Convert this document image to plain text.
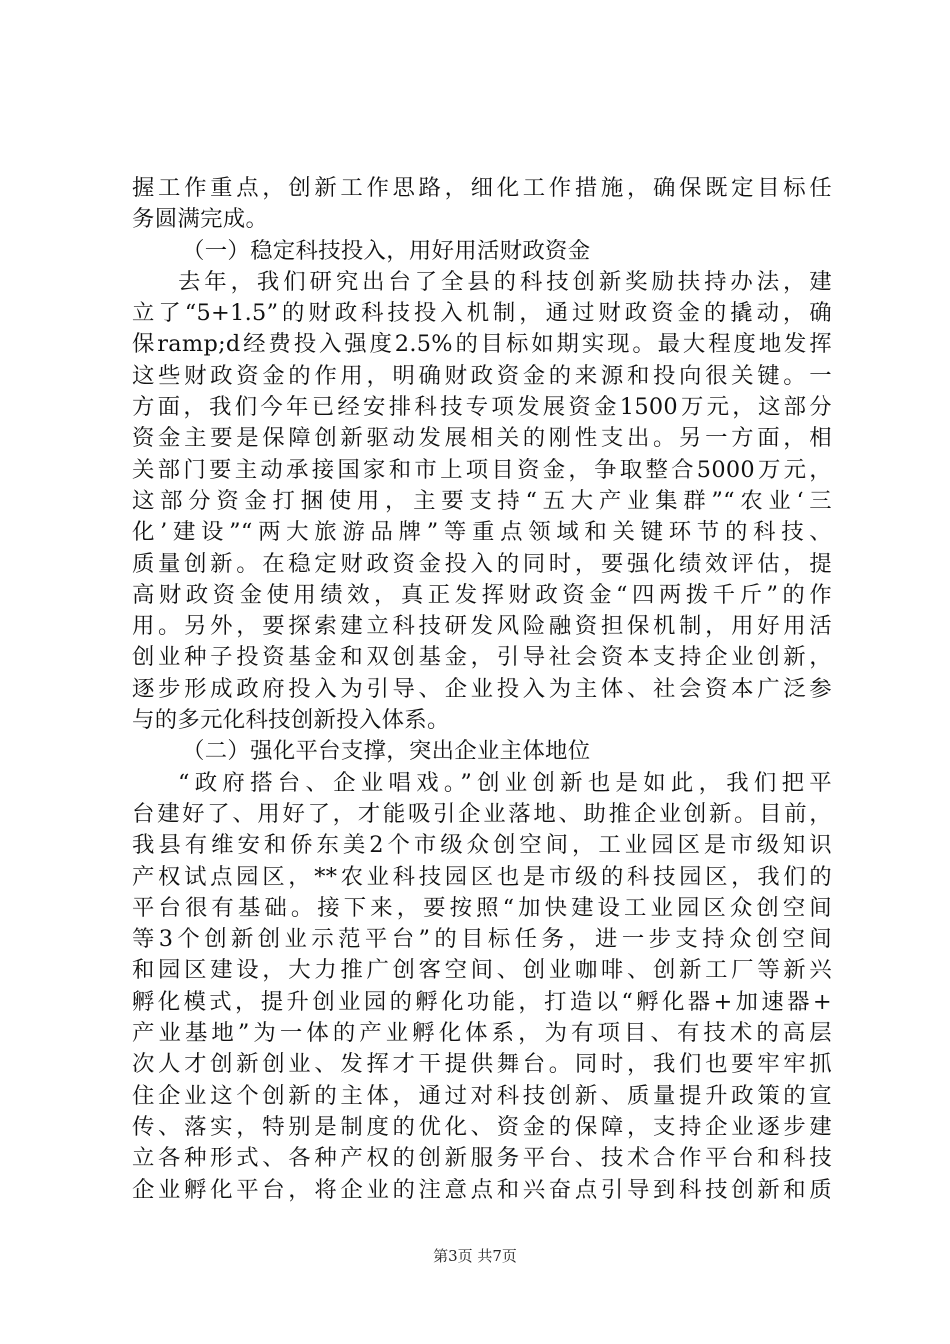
握工作重点，创新工作思路，细化工作措施，确保既定目标任
务圆满完成。
（一）稳定科技投入，用好用活财政资金
去年，我们研究出台了全县的科技创新奖励扶持办法，建
立了“5+1.5”的财政科技投入机制，通过财政资金的撬动，确
保ramp;d经费投入强度2.5%的目标如期实现。最大程度地发挥
这些财政资金的作用，明确财政资金的来源和投向很关键。一
方面，我们今年已经安排科技专项发展资金1500万元，这部分
资金主要是保障创新驱动发展相关的刚性支出。另一方面，相
关部门要主动承接国家和市上项目资金，争取整合5000万元，
这部分资金打捆使用，主要支持“五大产业集群”“农业‘三
化’建设”“两大旅游品牌”等重点领域和关键环节的科技、
质量创新。在稳定财政资金投入的同时，要强化绩效评估，提
高财政资金使用绩效，真正发挥财政资金“四两拨千斤”的作
用。另外，要探索建立科技研发风险融资担保机制，用好用活
创业种子投资基金和双创基金，引导社会资本支持企业创新，
逐步形成政府投入为引导、企业投入为主体、社会资本广泛参
与的多元化科技创新投入体系。
（二）强化平台支撑，突出企业主体地位
“政府搭台、企业唱戏。”创业创新也是如此，我们把平
台建好了、用好了，才能吸引企业落地、助推企业创新。目前，
我县有维安和侨东美2个市级众创空间，工业园区是市级知识
产权试点园区，**农业科技园区也是市级的科技园区，我们的
平台很有基础。接下来，要按照“加快建设工业园区众创空间
等3个创新创业示范平台”的目标任务，进一步支持众创空间
和园区建设，大力推广创客空间、创业咖啡、创新工厂等新兴
孵化模式，提升创业园的孵化功能，打造以“孵化器+加速器+
产业基地”为一体的产业孵化体系，为有项目、有技术的高层
次人才创新创业、发挥才干提供舞台。同时，我们也要牢牢抓
住企业这个创新的主体，通过对科技创新、质量提升政策的宣
传、落实，特别是制度的优化、资金的保障，支持企业逐步建
立各种形式、各种产权的创新服务平台、技术合作平台和科技
企业孵化平台，将企业的注意点和兴奋点引导到科技创新和质
第3页 共7页
